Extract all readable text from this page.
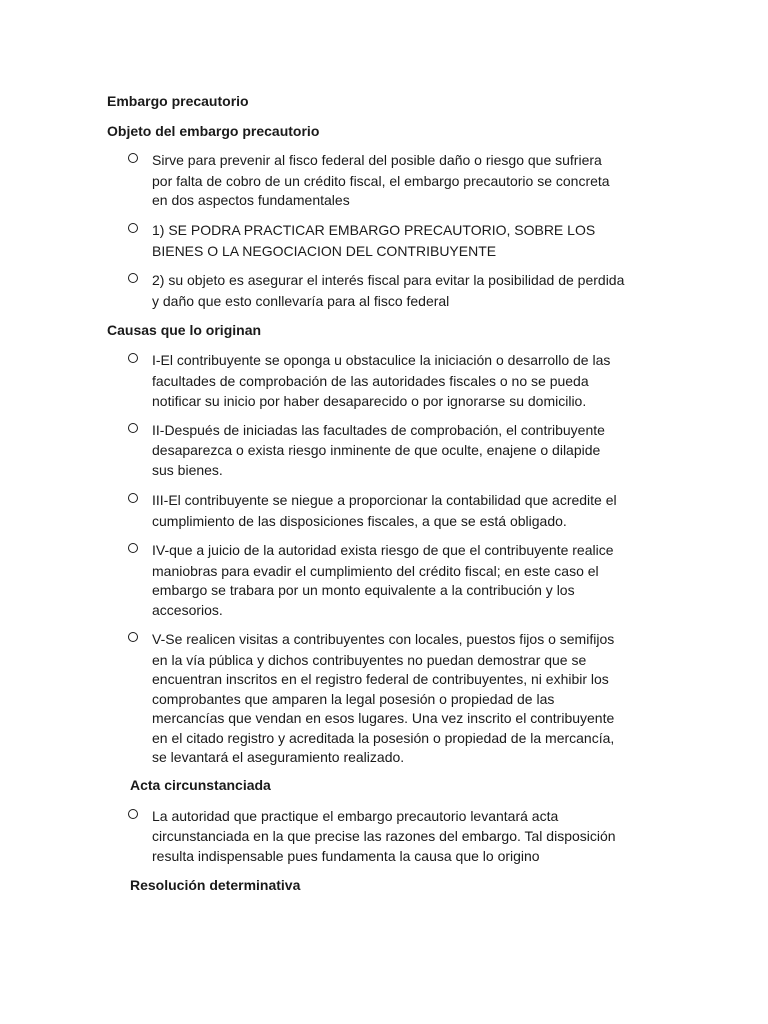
Embargo precautorio
Objeto del embargo precautorio
Sirve para prevenir al fisco federal del posible daño o riesgo que sufriera
por falta de cobro de un crédito fiscal, el embargo precautorio se concreta
en dos aspectos fundamentales
1) SE PODRA PRACTICAR EMBARGO PRECAUTORIO, SOBRE LOS
BIENES O LA NEGOCIACION DEL CONTRIBUYENTE
2) su objeto es asegurar el interés fiscal para evitar la posibilidad de perdida
y daño que esto conllevaría para al fisco federal
Causas que lo originan
I-El contribuyente se oponga u obstaculice la iniciación o desarrollo de las
facultades de comprobación de las autoridades fiscales o no se pueda
notificar su inicio por haber desaparecido o por ignorarse su domicilio.
II-Después de iniciadas las facultades de comprobación, el contribuyente
desaparezca o exista riesgo inminente de que oculte, enajene o dilapide
sus bienes.
III-El contribuyente se niegue a proporcionar la contabilidad que acredite el
cumplimiento de las disposiciones fiscales, a que se está obligado.
IV-que a juicio de la autoridad exista riesgo de que el contribuyente realice
maniobras para evadir el cumplimiento del crédito fiscal; en este caso el
embargo se trabara por un monto equivalente a la contribución y los
accesorios.
V-Se realicen visitas a contribuyentes con locales, puestos fijos o semifijos
en la vía pública y dichos contribuyentes no puedan demostrar que se
encuentran inscritos en el registro federal de contribuyentes, ni exhibir los
comprobantes que amparen la legal posesión o propiedad de las
mercancías que vendan en esos lugares. Una vez inscrito el contribuyente
en el citado registro y acreditada la posesión o propiedad de la mercancía,
se levantará el aseguramiento realizado.
Acta circunstanciada
La autoridad que practique el embargo precautorio levantará acta
circunstanciada en la que precise las razones del embargo. Tal disposición
resulta indispensable pues fundamenta la causa que lo origino
Resolución determinativa
